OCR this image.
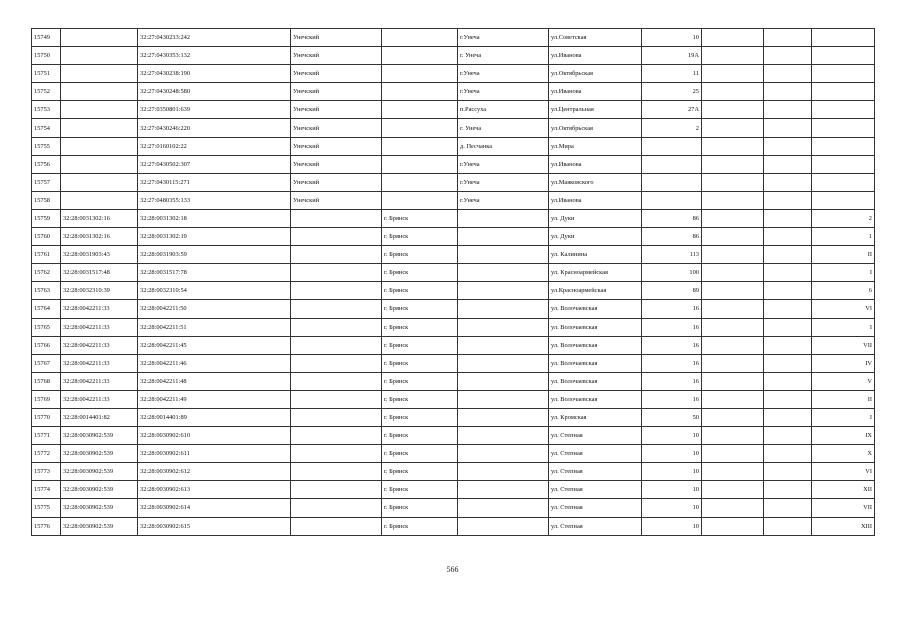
15749		32:27:0430233:242	Унечский		г.Унеча	ул.Советская	10			
15750		32:27:0430353:132	Унечский		г. Унеча	ул.Иванова	19А			
15751		32:27:0430238:190	Унечский		г.Унеча	ул.Октябрьская	11			
15752		32:27:0430248:580	Унечский		г.Унеча	ул.Иванова	25			
15753		32:27:0350801:639	Унечский		п.Рассуха	ул.Центральная	27А			
15754		32:27:0430246:220	Унечский		г. Унеча	ул.Октябрьская	2			
15755		32:27:0160102:22	Унечский		д. Песчанка	ул.Мира				
15756		32:27:0430502:307	Унечский		г.Унеча	ул.Иванова				
15757		32:27:0430115:271	Унечский		г.Унеча	ул.Маяковского				
15758		32:27:0480355:133	Унечский		г.Унеча	ул.Иванова				
15759	32:28:0031302:16	32:28:0031302:18		г. Брянск		ул. Дуки	86			2
15760	32:28:0031302:16	32:28:0031302:19		г. Брянск		ул. Дуки	86			1
15761	32:28:0031903:43	32:28:0031903:59		г. Брянск		ул. Калинина	113			II
15762	32:28:0031517:48	32:28:0031517:78		г. Брянск		ул. Красноармейская	100			I
15763	32:28:0032310:39	32:28:0032310:54		г. Брянск		ул.Красноармейская	89			6
15764	32:28:0042211:33	32:28:0042211:50		г. Брянск		ул. Волочаевская	16			VI
15765	32:28:0042211:33	32:28:0042211:51		г. Брянск		ул. Волочаевская	16			I
15766	32:28:0042211:33	32:28:0042211:45		г. Брянск		ул. Волочаевская	16			VII
15767	32:28:0042211:33	32:28:0042211:46		г. Брянск		ул. Волочаевская	16			IV
15768	32:28:0042211:33	32:28:0042211:48		г. Брянск		ул. Волочаевская	16			V
15769	32:28:0042211:33	32:28:0042211:49		г. Брянск		ул. Волочаевская	16			II
15770	32:28:0014401:82	32:28:0014401:89		г. Брянск		ул. Кромская	50			I
15771	32:28:0030902:539	32:28:0030902:610		г. Брянск		ул. Степная	10			IX
15772	32:28:0030902:539	32:28:0030902:611		г. Брянск		ул. Степная	10			X
15773	32:28:0030902:539	32:28:0030902:612		г. Брянск		ул. Степная	10			VI
15774	32:28:0030902:539	32:28:0030902:613		г. Брянск		ул. Степная	10			XII
15775	32:28:0030902:539	32:28:0030902:614		г. Брянск		ул. Степная	10			VII
15776	32:28:0030902:539	32:28:0030902:615		г. Брянск		ул. Степная	10			XIII
566
